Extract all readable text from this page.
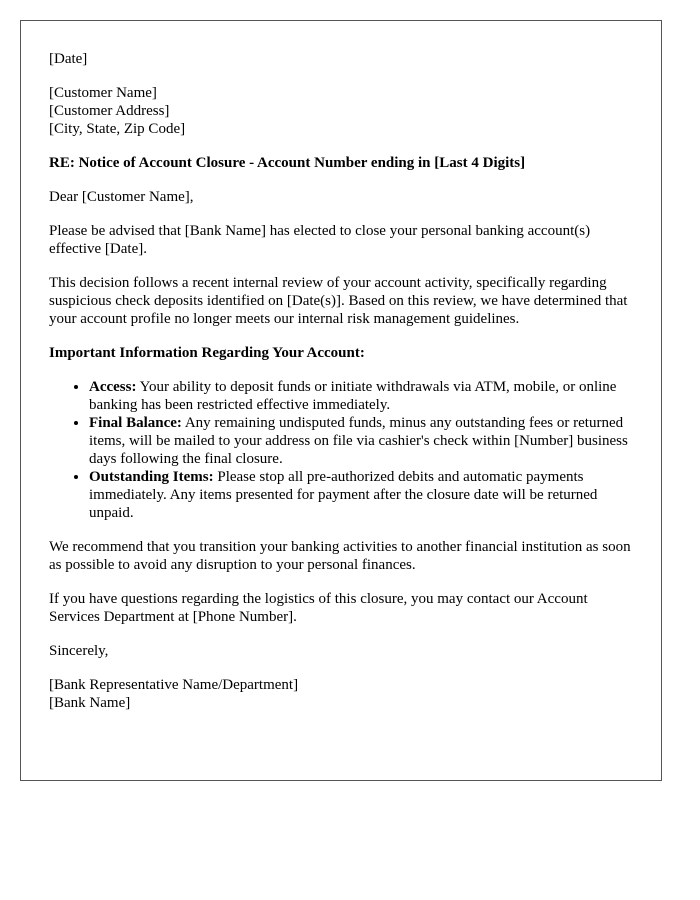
[Date]

[Customer Name]

[Customer Address]

[City, State, Zip Code]

RE: Notice of Account Closure - Account Number ending in [Last 4 Digits]

Dear [Customer Name],

Please be advised that [Bank Name] has elected to close your personal banking account(s) effective [Date].

This decision follows a recent internal review of your account activity, specifically regarding suspicious check deposits identified on [Date(s)]. Based on this review, we have determined that your account profile no longer meets our internal risk management guidelines.

Important Information Regarding Your Account:

• Access: Your ability to deposit funds or initiate withdrawals via ATM, mobile, or online banking has been restricted effective immediately.
• Final Balance: Any remaining undisputed funds, minus any outstanding fees or returned items, will be mailed to your address on file via cashier's check within [Number] business days following the final closure.
• Outstanding Items: Please stop all pre-authorized debits and automatic payments immediately. Any items presented for payment after the closure date will be returned unpaid.

We recommend that you transition your banking activities to another financial institution as soon as possible to avoid any disruption to your personal finances.

If you have questions regarding the logistics of this closure, you may contact our Account Services Department at [Phone Number].

Sincerely,

[Bank Representative Name/Department]

[Bank Name]
